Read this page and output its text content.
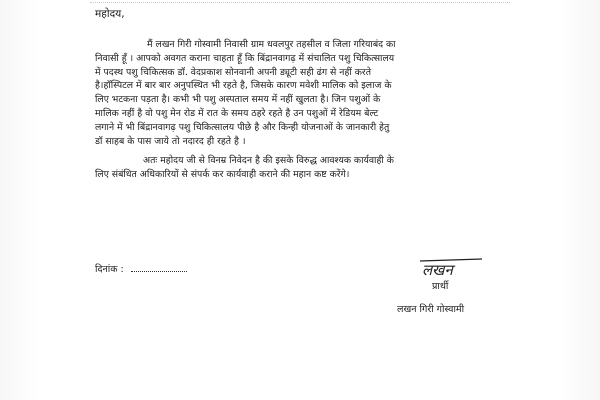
महोदय,
मैं लखन गिरी गोस्वामी निवासी ग्राम धवलपुर तहसील व जिला गरियाबंद का
निवासी हूँ । आपको अवगत कराना चाहता हूँ कि बिंद्रानवागढ़ में संचालित पशु चिकित्सालय
में पदस्थ पशु चिकित्सक डॉ. वेदप्रकाश सोनवानी अपनी ड्यूटी सही ढंग से नहीं करते
है।हॉस्पिटल में बार बार अनुपस्थित भी रहते है, जिसके कारण मवेशी मालिक को इलाज के
लिए भटकना पड़ता है। कभी भी पशु अस्पताल समय में नहीं खुलता है। जिन पशुओं के
मालिक नहीं है वो पशु मेन रोड में रात के समय ठहरे रहते है उन पशुओं में रेडियम बेल्ट
लगाने में भी बिंद्रानवागढ़ पशु चिकित्सालय पीछे है और किन्ही योजनाओं के जानकारी हेतु
डॉ साहब के पास जाये तो नदारद ही रहते है ।
अतः महोदय जी से विनम्र निवेदन है की इसके विरुद्ध आवश्यक कार्यवाही के
लिए संबंधित अधिकारियों से संपर्क कर कार्यवाही कराने की महान कष्ट करेंगे।
दिनांक :	लखन
प्रार्थी
लखन गिरी गोस्वामी
